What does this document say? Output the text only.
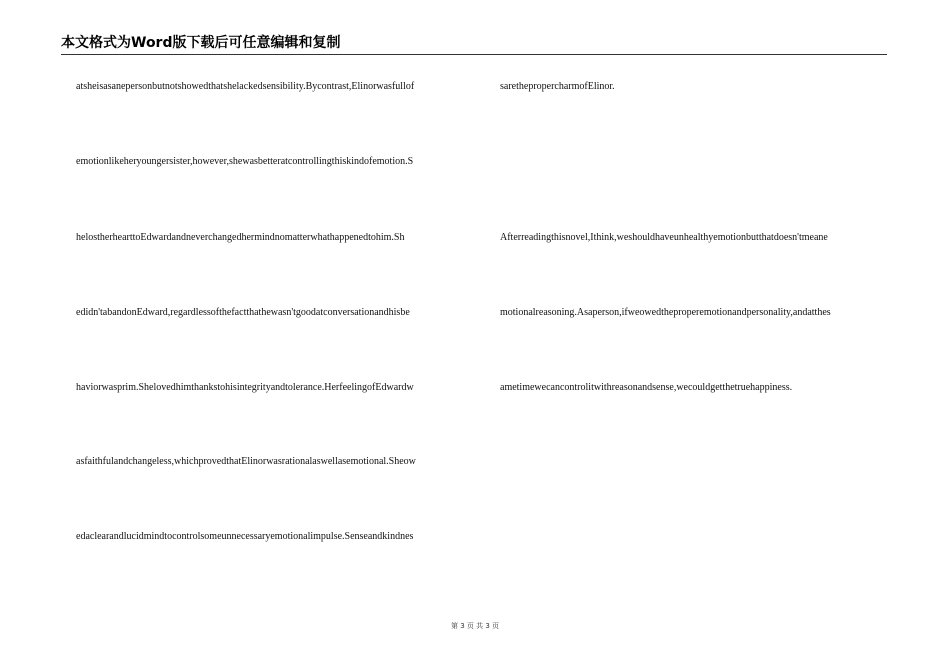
本文格式为Word版下载后可任意编辑和复制
atsheisasanepersonbutnotshowedthatshelackedsensibility.Bycontrast,Elinorwasfullof
emotionlikeheryoungersister,however,shewasbetteratcontrollingthiskindofemotion.S
helostherhearttoEdwardandneverchangedhermindnomatterwhathappenedtohim.Sh
edidn'tabandonEdward,regardlessofthefactthathewasn'tgoodatconversationandhisbe
haviorwasprim.Shelovedhimthankstohisintegrityandtolerance.HerfeelingofEdwardw
asfaithfulandchangeless,whichprovedthatElinorwasrationalaswellasemotional.Sheow
edaclearandlucidmindtocontrolsomeunnecessaryemotionalimpulse.Senseandkindnes
sarethepropercharmofElinor.
Afterreadingthisnovel,Ithink,weshouldhaveunhealthyemotionbutthatdoesn'tmeane
motionalreasoning.Asaperson,ifweowedtheproperemotionandpersonality,andatthes
ametimewecancontrolitwithreasonandsense,wecouldgetthetruehappiness.
第 3 页 共 3 页
